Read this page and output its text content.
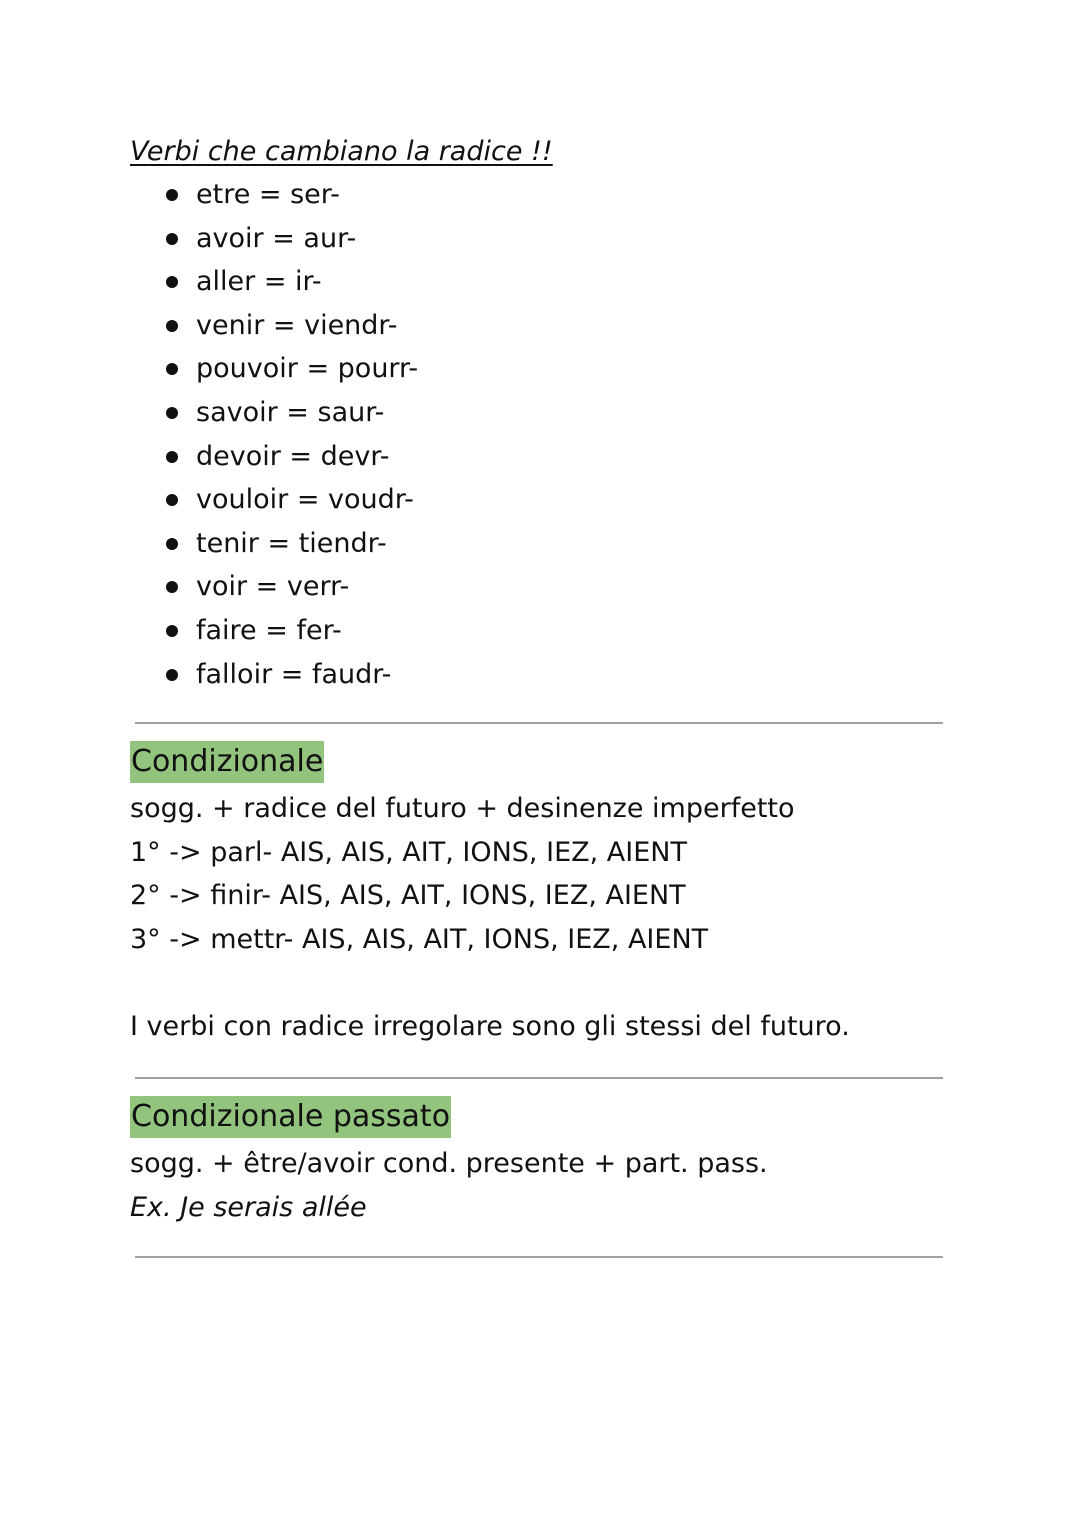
Verbi che cambiano la radice !!
etre = ser-
avoir = aur-
aller = ir-
venir = viendr-
pouvoir = pourr-
savoir = saur-
devoir = devr-
vouloir = voudr-
tenir = tiendr-
voir = verr-
faire = fer-
falloir = faudr-
Condizionale

sogg. + radice del futuro + desinenze imperfetto

1° -> parl- AIS, AIS, AIT, IONS, IEZ, AIENT

2° -> finir- AIS, AIS, AIT, IONS, IEZ, AIENT

3° -> mettr- AIS, AIS, AIT, IONS, IEZ, AIENT

I verbi con radice irregolare sono gli stessi del futuro.

Condizionale passato

sogg. + être/avoir cond. presente + part. pass.

Ex. Je serais allée
